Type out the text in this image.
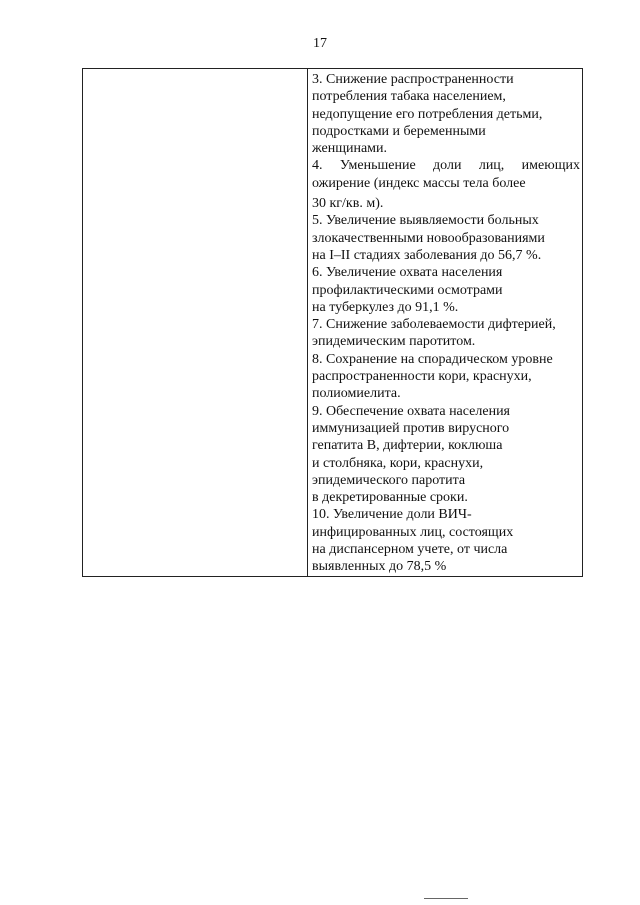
17

3. Снижение распространенности
потребления табака населением,
недопущение его потребления детьми,
подростками и беременными
женщинами.
4. Уменьшение доли лиц, имеющих
ожирение (индекс массы тела более
30 кг/кв. м).
5. Увеличение выявляемости больных
злокачественными новообразованиями
на I–II стадиях заболевания до 56,7 %.
6. Увеличение охвата населения
профилактическими осмотрами
на туберкулез до 91,1 %.
7. Снижение заболеваемости дифтерией,
эпидемическим паротитом.
8. Сохранение на спорадическом уровне
распространенности кори, краснухи,
полиомиелита.
9. Обеспечение охвата населения
иммунизацией против вирусного
гепатита В, дифтерии, коклюша
и столбняка, кори, краснухи,
эпидемического паротита
в декретированные сроки.
10. Увеличение доли ВИЧ-
инфицированных лиц, состоящих
на диспансерном учете, от числа
выявленных до 78,5 %
